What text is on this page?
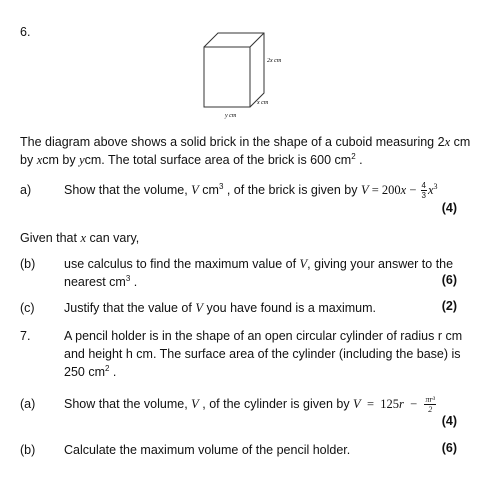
6.
2x cm
x cm
y cm
The diagram above shows a solid brick in the shape of a cuboid measuring 2x cm
by xcm by ycm. The total surface area of the brick is 600 $cm^2$ .
a)	Show that the volume, V $cm^3$ , of the brick is given by $V = 200x - \frac{4}{3} x^3$
(4)
Given that x can vary,
(b) use calculus to find the maximum value of V, giving your answer to the
nearest $cm^3$ .	(6)
(c) Justify that the value of V you have found is a maximum.	(2)
7.	A pencil holder is in the shape of an open circular cylinder of radius r cm
and height h cm. The surface area of the cylinder (including the base) is
250 $cm^2$ .
(a) Show that the volume, V , of the cylinder is given by $V = 125r - \frac{\text{πr³}}{2}$
(4)
(b) Calculate the maximum volume of the pencil holder.	(6)
